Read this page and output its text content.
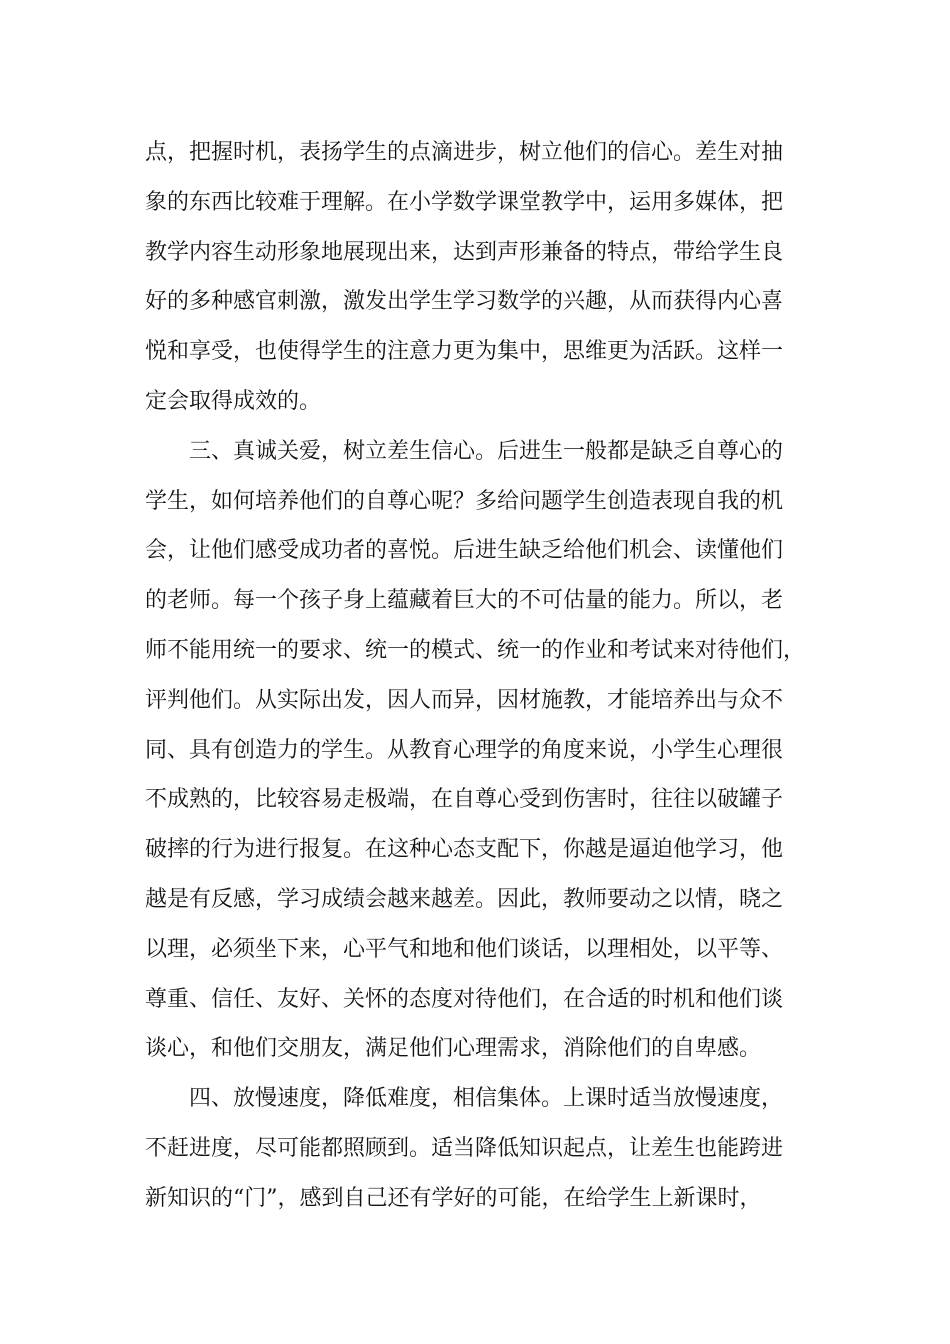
点，把握时机，表扬学生的点滴进步，树立他们的信心。差生对抽
象的东西比较难于理解。在小学数学课堂教学中，运用多媒体，把
教学内容生动形象地展现出来，达到声形兼备的特点，带给学生良
好的多种感官刺激，激发出学生学习数学的兴趣，从而获得内心喜
悦和享受，也使得学生的注意力更为集中，思维更为活跃。这样一
定会取得成效的。
三、真诚关爱，树立差生信心。后进生一般都是缺乏自尊心的
学生，如何培养他们的自尊心呢？多给问题学生创造表现自我的机
会，让他们感受成功者的喜悦。后进生缺乏给他们机会、读懂他们
的老师。每一个孩子身上蕴藏着巨大的不可估量的能力。所以，老
师不能用统一的要求、统一的模式、统一的作业和考试来对待他们，
评判他们。从实际出发，因人而异，因材施教，才能培养出与众不
同、具有创造力的学生。从教育心理学的角度来说，小学生心理很
不成熟的，比较容易走极端，在自尊心受到伤害时，往往以破罐子
破摔的行为进行报复。在这种心态支配下，你越是逼迫他学习，他
越是有反感，学习成绩会越来越差。因此，教师要动之以情，晓之
以理，必须坐下来，心平气和地和他们谈话，以理相处，以平等、
尊重、信任、友好、关怀的态度对待他们，在合适的时机和他们谈
谈心，和他们交朋友，满足他们心理需求，消除他们的自卑感。
四、放慢速度，降低难度，相信集体。上课时适当放慢速度，
不赶进度，尽可能都照顾到。适当降低知识起点，让差生也能跨进
新知识的“门”，感到自己还有学好的可能，在给学生上新课时，
